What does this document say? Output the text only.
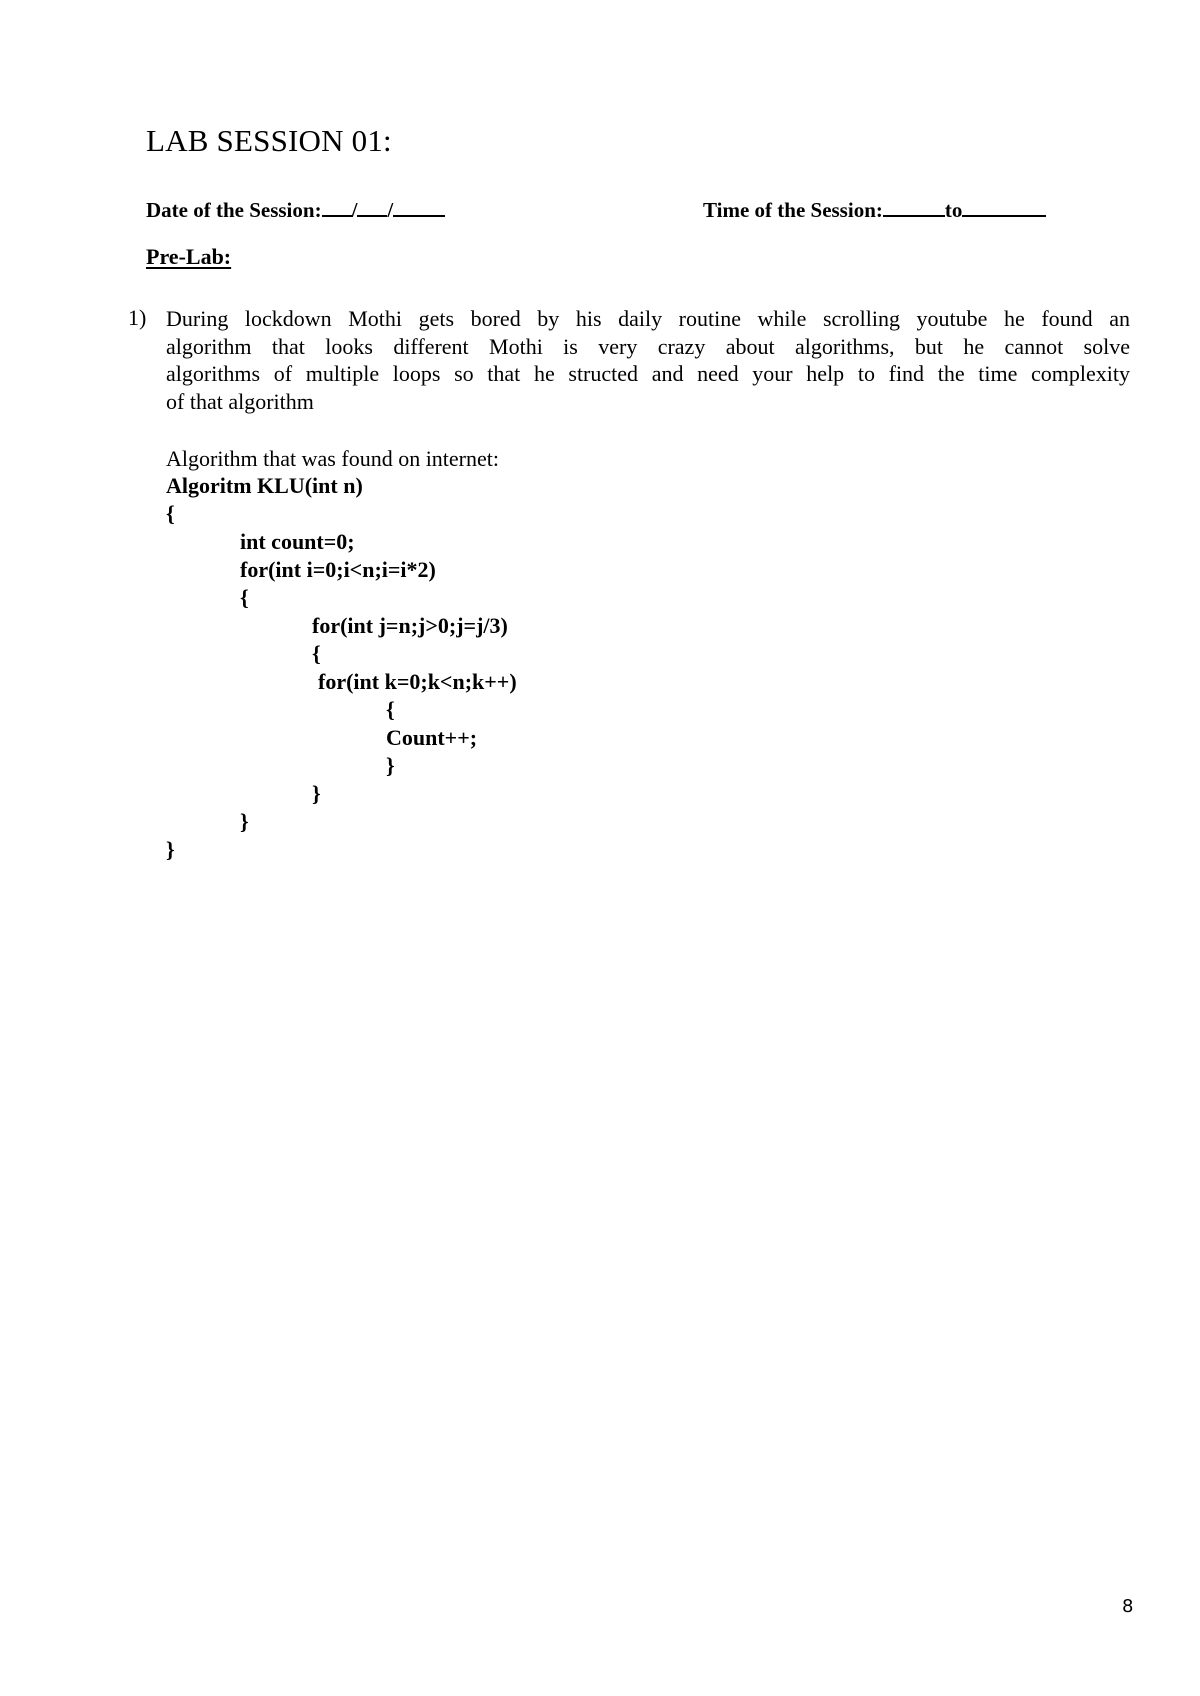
LAB SESSION 01:
Date of the Session: / /	Time of the Session:	to
Pre-Lab:
1) During lockdown Mothi gets bored by his daily routine while scrolling youtube he found an
algorithm that looks different Mothi is very crazy about algorithms, but he cannot solve
algorithms of multiple loops so that he structed and need your help to find the time complexity
of that algorithm
Algorithm that was found on internet:
Algoritm KLU(int n)
{
int count=0;
for(int i=0;i<n;i=i*2)
{
for(int j=n;j>0;j=j/3)
{
for(int k=0;k<n;k++)
{
Count++;
}
}
}
}
8
